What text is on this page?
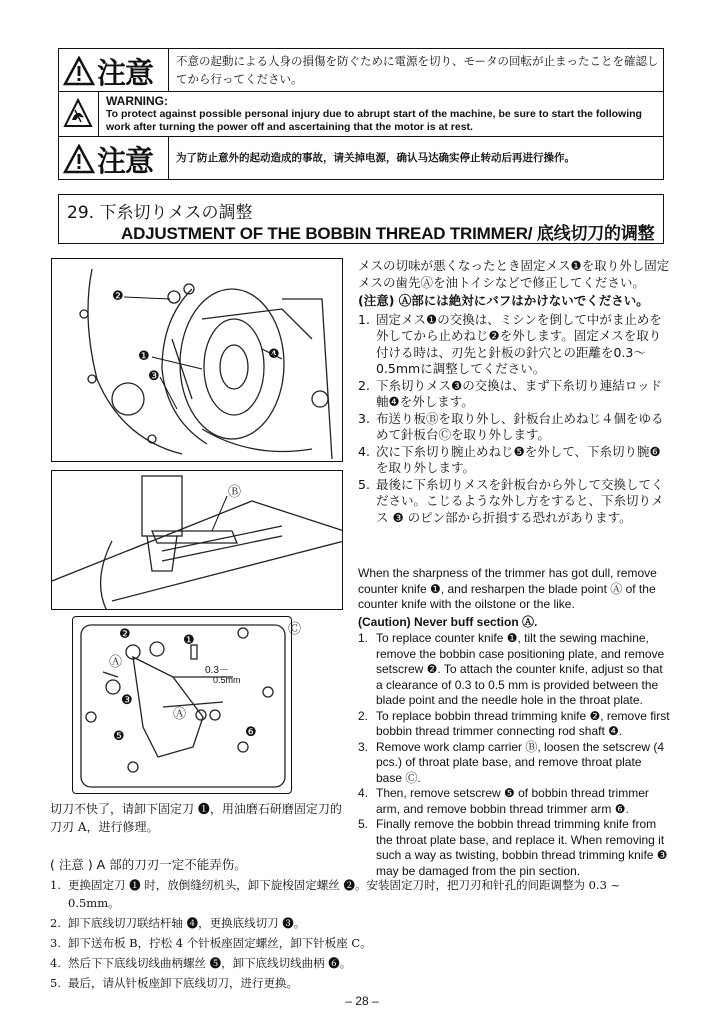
注意 不意の起動による人身の損傷を防ぐために電源を切り、モータの回転が止まったことを確認してから行ってください。
WARNING:
To protect against possible personal injury due to abrupt start of the machine, be sure to start the following work after turning the power off and ascertaining that the motor is at rest.
注意 为了防止意外的起动造成的事故，请关掉电源，确认马达确实停止转动后再进行操作。
29. 下糸切りメスの調整
ADJUSTMENT OF THE BOBBIN THREAD TRIMMER/ 底线切刀的调整
❷
❶
❸
❹
Ⓑ
❷	❶
Ⓐ
❸
Ⓐ
❺	❻
0.3－
0.5mm
Ⓒ
メスの切味が悪くなったとき固定メス❶を取り外し固定メスの歯先Ⓐを油トイシなどで修正してください。
(注意) Ⓐ部には絶対にバフはかけないでください。
1. 固定メス❶の交換は、ミシンを倒して中がま止めを外してから止めねじ❷を外します。固定メスを取り付ける時は、刃先と針板の針穴との距離を0.3〜0.5mmに調整してください。
2. 下糸切りメス❸の交換は、まず下糸切り連結ロッド軸❹を外します。
3. 布送り板Ⓑを取り外し、針板台止めねじ４個をゆるめて針板台Ⓒを取り外します。
4. 次に下糸切り腕止めねじ❺を外して、下糸切り腕❻を取り外します。
5. 最後に下糸切りメスを針板台から外して交換してください。こじるような外し方をすると、下糸切りメス ❸ のピン部から折損する恐れがあります。
When the sharpness of the trimmer has got dull, remove counter knife ❶, and resharpen the blade point Ⓐ of the counter knife with the oilstone or the like.
(Caution) Never buff section Ⓐ.
1. To replace counter knife ❶, tilt the sewing machine, remove the bobbin case positioning plate, and remove setscrew ❷. To attach the counter knife, adjust so that a clearance of 0.3 to 0.5 mm is provided between the blade point and the needle hole in the throat plate.
2. To replace bobbin thread trimming knife ❷, remove first bobbin thread trimmer connecting rod shaft ❹.
3. Remove work clamp carrier Ⓑ, loosen the setscrew (4 pcs.) of throat plate base, and remove throat plate base Ⓒ.
4. Then, remove setscrew ❺ of bobbin thread trimmer arm, and remove bobbin thread trimmer arm ❻.
5. Finally remove the bobbin thread trimming knife from the throat plate base, and replace it. When removing it such a way as twisting, bobbin thread trimming knife ❸ may be damaged from the pin section.
切刀不快了，请卸下固定刀 ❶，用油磨石研磨固定刀的刀刃 A，进行修理。
( 注意 ) A 部的刀刃一定不能弄伤。
1. 更换固定刀 ❶ 时，放倒缝纫机头，卸下旋梭固定螺丝 ❷。安装固定刀时，把刀刃和针孔的间距调整为 0.3 ~ 0.5mm。
2. 卸下底线切刀联结杆轴 ❹，更换底线切刀 ❸。
3. 卸下送布板 B，拧松 4 个针板座固定螺丝，卸下针板座 C。
4. 然后下下底线切线曲柄螺丝 ❺，卸下底线切线曲柄 ❻。
5. 最后，请从针板座卸下底线切刀，进行更换。
– 28 –
